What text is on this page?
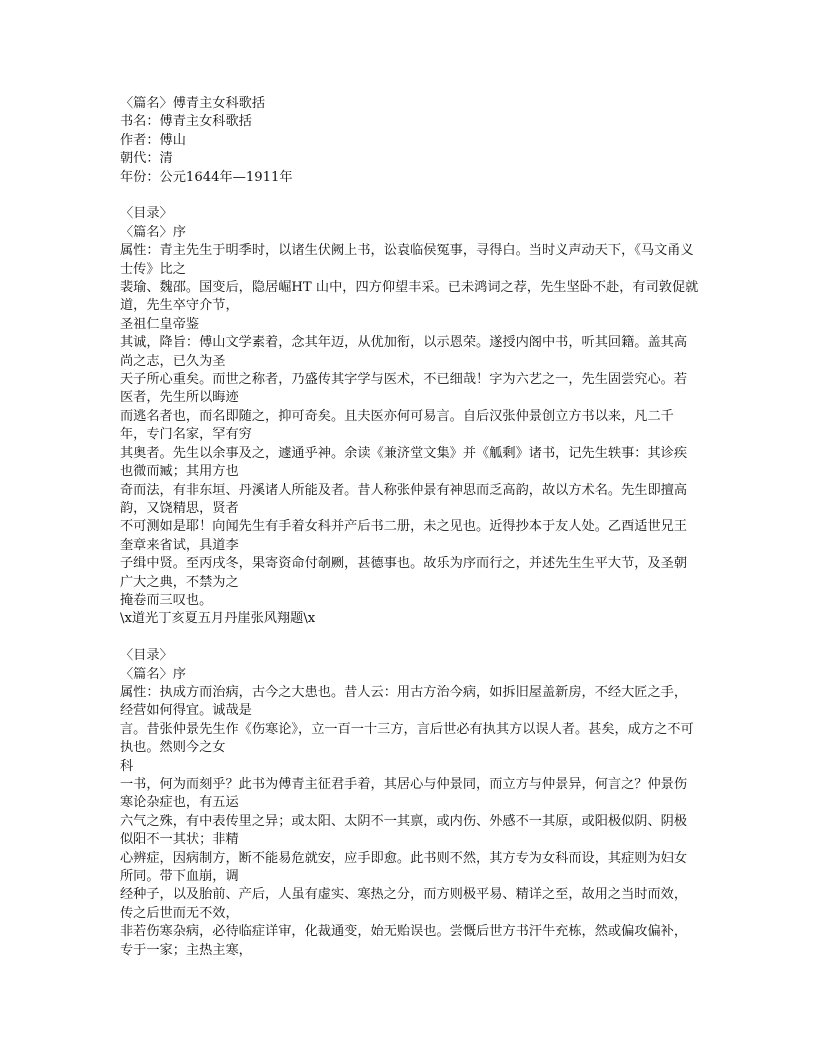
〈篇名〉傅青主女科歌括

书名：傅青主女科歌括

作者：傅山

朝代：清

年份：公元1644年—1911年

〈目录〉

〈篇名〉序

属性：青主先生于明季时，以诸生伏阙上书，讼袁临侯冤事，寻得白。当时义声动天下，《马文甬义士传》比之

裴瑜、魏邵。国变后，隐居崛HT 山中，四方仰望丰采。已未鸿词之荐，先生坚卧不赴，有司敦促就道，先生卒守介节，

圣祖仁皇帝鉴

其诚，降旨：傅山文学素着，念其年迈，从优加衔，以示恩荣。遂授内阁中书，听其回籍。盖其高尚之志，已久为圣

天子所心重矣。而世之称者，乃盛传其字学与医术，不已细哉！字为六艺之一，先生固尝究心。若医者，先生所以晦迹

而逃名者也，而名即随之，抑可奇矣。且夫医亦何可易言。自后汉张仲景创立方书以来，凡二千年，专门名家，罕有穷

其奥者。先生以余事及之，遽通乎神。余读《兼济堂文集》并《觚剩》诸书，记先生轶事：其诊疾也微而臧；其用方也

奇而法，有非东垣、丹溪诸人所能及者。昔人称张仲景有神思而乏高韵，故以方术名。先生即擅高韵，又饶精思，贤者

不可测如是耶！向闻先生有手着女科并产后书二册，未之见也。近得抄本于友人处。乙酉适世兄王奎章来省试，具道李

子缉中贤。至丙戌冬，果寄资命付剞劂，甚德事也。故乐为序而行之，并述先生生平大节，及圣朝广大之典，不禁为之

掩卷而三叹也。

\x道光丁亥夏五月丹崖张风翔题\x

〈目录〉

〈篇名〉序

属性：执成方而治病，古今之大患也。昔人云：用古方治今病，如拆旧屋盖新房，不经大匠之手，经营如何得宜。诚哉是

言。昔张仲景先生作《伤寒论》，立一百一十三方，言后世必有执其方以误人者。甚矣，成方之不可执也。然则今之女

科

一书，何为而刻乎？此书为傅青主征君手着，其居心与仲景同，而立方与仲景异，何言之？仲景伤寒论杂症也，有五运

六气之殊，有中表传里之异；或太阳、太阴不一其禀，或内伤、外感不一其原，或阳极似阴、阴极似阳不一其状；非精

心辨症，因病制方，断不能易危就安，应手即愈。此书则不然，其方专为女科而设，其症则为妇女所同。带下血崩，调

经种子，以及胎前、产后，人虽有虚实、寒热之分，而方则极平易、精详之至，故用之当时而效，传之后世而无不效，

非若伤寒杂病，必待临症详审，化裁通变，始无贻误也。尝慨后世方书汗牛充栋，然或偏攻偏补，专于一家；主热主寒，
